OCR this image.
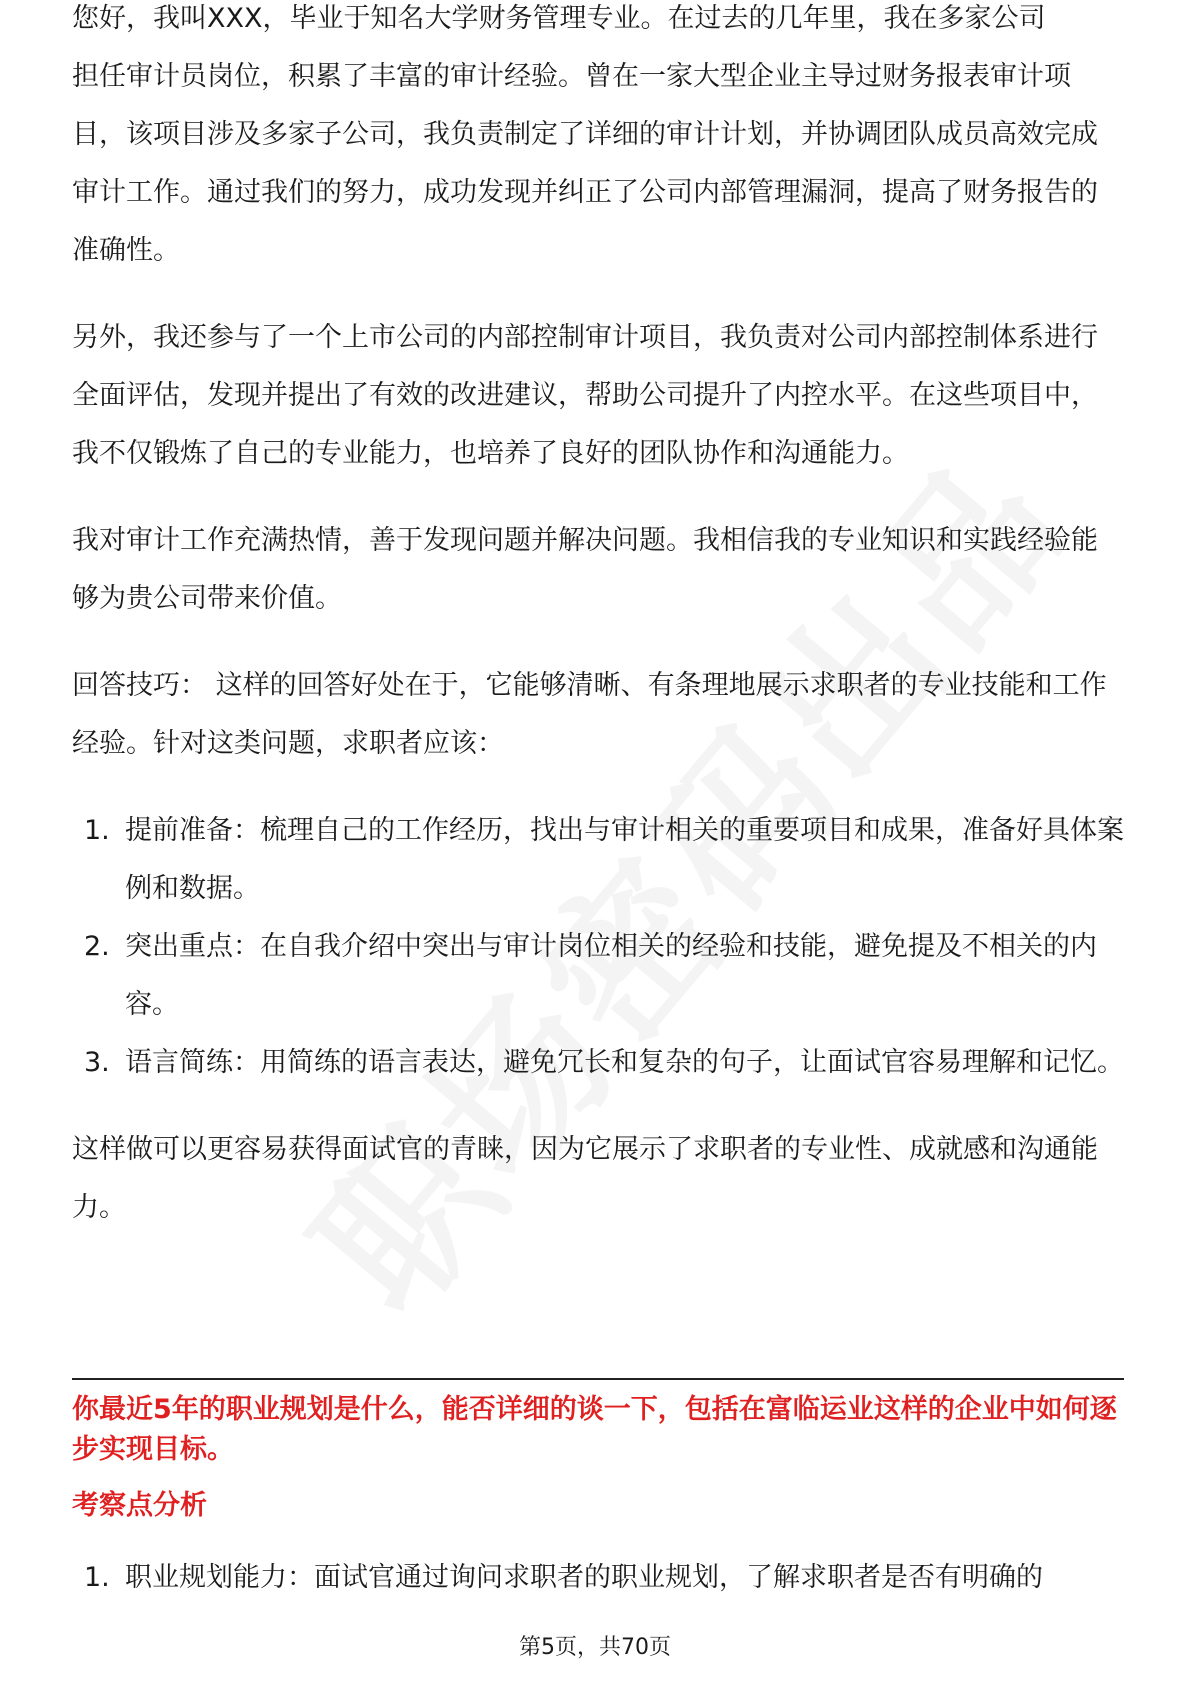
您好，我叫XXX，毕业于知名大学财务管理专业。在过去的几年里，我在多家公司

担任审计员岗位，积累了丰富的审计经验。曾在一家大型企业主导过财务报表审计项目，该项目涉及多家子公司，我负责制定了详细的审计计划，并协调团队成员高效完成审计工作。通过我们的努力，成功发现并纠正了公司内部管理漏洞，提高了财务报告的准确性。

另外，我还参与了一个上市公司的内部控制审计项目，我负责对公司内部控制体系进行全面评估，发现并提出了有效的改进建议，帮助公司提升了内控水平。在这些项目中，我不仅锻炼了自己的专业能力，也培养了良好的团队协作和沟通能力。

我对审计工作充满热情，善于发现问题并解决问题。我相信我的专业知识和实践经验能够为贵公司带来价值。

回答技巧： 这样的回答好处在于，它能够清晰、有条理地展示求职者的专业技能和工作经验。针对这类问题，求职者应该：

1. 提前准备：梳理自己的工作经历，找出与审计相关的重要项目和成果，准备好具体案例和数据。
2. 突出重点：在自我介绍中突出与审计岗位相关的经验和技能，避免提及不相关的内容。
3. 语言简练：用简练的语言表达，避免冗长和复杂的句子，让面试官容易理解和记忆。

这样做可以更容易获得面试官的青睐，因为它展示了求职者的专业性、成就感和沟通能力。

你最近5年的职业规划是什么，能否详细的谈一下，包括在富临运业这样的企业中如何逐步实现目标。
考察点分析
1. 职业规划能力：面试官通过询问求职者的职业规划，了解求职者是否有明确的
第5页，共70页
